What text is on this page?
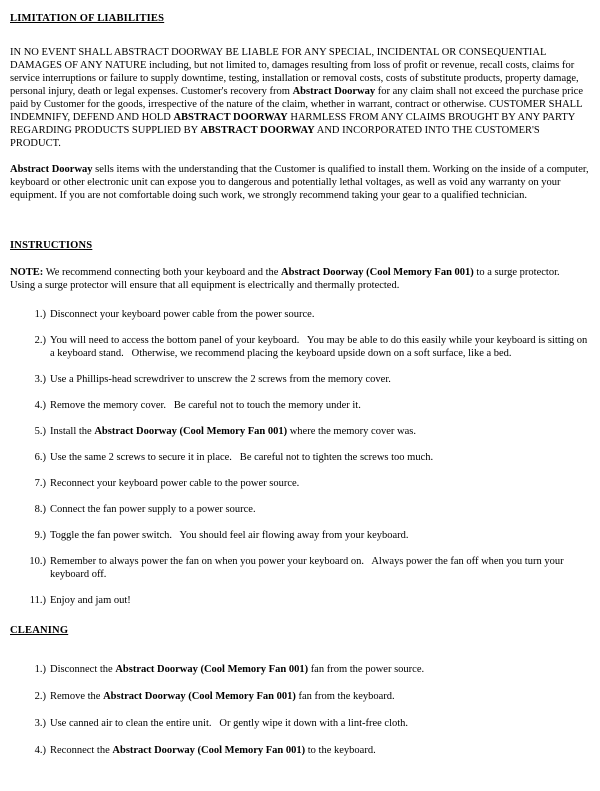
LIMITATION OF LIABILITIES

IN NO EVENT SHALL ABSTRACT DOORWAY BE LIABLE FOR ANY SPECIAL, INCIDENTAL OR CONSEQUENTIAL DAMAGES OF ANY NATURE including, but not limited to, damages resulting from loss of profit or revenue, recall costs, claims for service interruptions or failure to supply downtime, testing, installation or removal costs, costs of substitute products, property damage, personal injury, death or legal expenses. Customer's recovery from Abstract Doorway for any claim shall not exceed the purchase price paid by Customer for the goods, irrespective of the nature of the claim, whether in warrant, contract or otherwise. CUSTOMER SHALL INDEMNIFY, DEFEND AND HOLD ABSTRACT DOORWAY HARMLESS FROM ANY CLAIMS BROUGHT BY ANY PARTY REGARDING PRODUCTS SUPPLIED BY ABSTRACT DOORWAY AND INCORPORATED INTO THE CUSTOMER'S PRODUCT.

Abstract Doorway sells items with the understanding that the Customer is qualified to install them. Working on the inside of a computer, keyboard or other electronic unit can expose you to dangerous and potentially lethal voltages, as well as void any warranty on your equipment. If you are not comfortable doing such work, we strongly recommend taking your gear to a qualified technician.

INSTRUCTIONS

NOTE: We recommend connecting both your keyboard and the Abstract Doorway (Cool Memory Fan 001) to a surge protector.   Using a surge protector will ensure that all equipment is electrically and thermally protected.

1.) Disconnect your keyboard power cable from the power source.
2.) You will need to access the bottom panel of your keyboard.   You may be able to do this easily while your keyboard is sitting on a keyboard stand.   Otherwise, we recommend placing the keyboard upside down on a soft surface, like a bed.
3.) Use a Phillips-head screwdriver to unscrew the 2 screws from the memory cover.
4.) Remove the memory cover.   Be careful not to touch the memory under it.
5.) Install the Abstract Doorway (Cool Memory Fan 001) where the memory cover was.
6.) Use the same 2 screws to secure it in place.   Be careful not to tighten the screws too much.
7.) Reconnect your keyboard power cable to the power source.
8.) Connect the fan power supply to a power source.
9.) Toggle the fan power switch.   You should feel air flowing away from your keyboard.
10.) Remember to always power the fan on when you power your keyboard on.   Always power the fan off when you turn your keyboard off.
11.) Enjoy and jam out!
CLEANING
1.) Disconnect the Abstract Doorway (Cool Memory Fan 001) fan from the power source.
2.) Remove the Abstract Doorway (Cool Memory Fan 001) fan from the keyboard.
3.) Use canned air to clean the entire unit.   Or gently wipe it down with a lint-free cloth.
4.) Reconnect the Abstract Doorway (Cool Memory Fan 001) to the keyboard.
